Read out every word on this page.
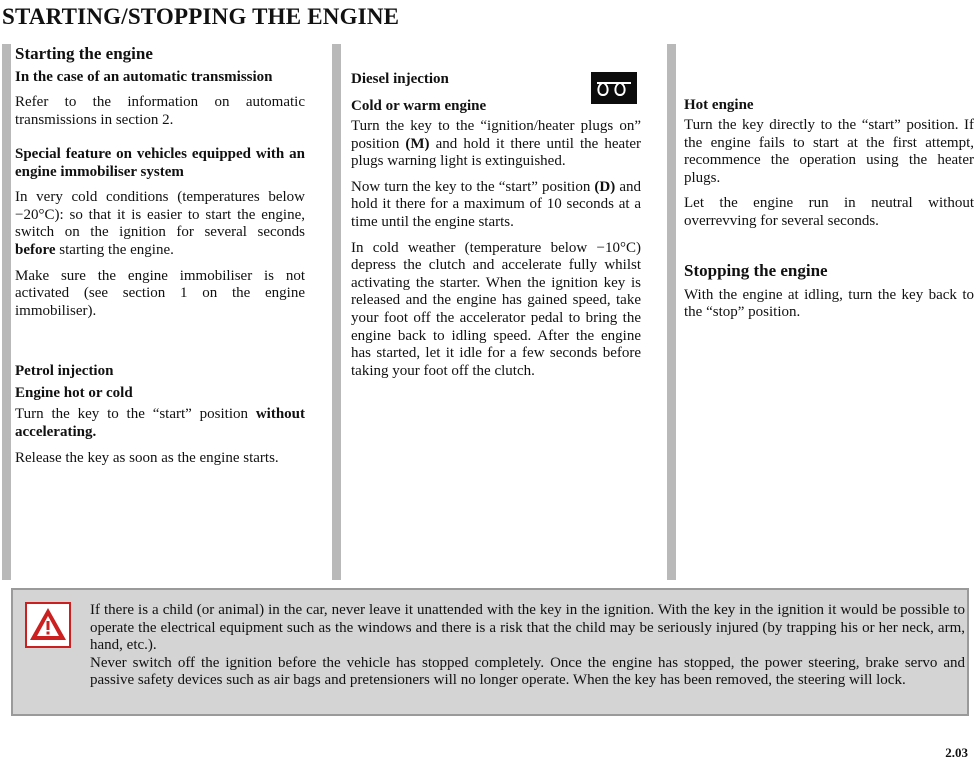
STARTING/STOPPING THE ENGINE
Starting the engine
In the case of an automatic transmission
Refer to the information on automatic transmissions in section 2.
Special feature on vehicles equipped with an engine immobiliser system
In very cold conditions (temperatures below −20°C): so that it is easier to start the engine, switch on the ignition for several seconds before starting the engine.
Make sure the engine immobiliser is not activated (see section 1 on the engine immobiliser).
Petrol injection
Engine hot or cold
Turn the key to the “start” position without accelerating.
Release the key as soon as the engine starts.
Diesel injection
Cold or warm engine
Turn the key to the “ignition/heater plugs on” position (M) and hold it there until the heater plugs warning light is extinguished.
Now turn the key to the “start” position (D) and hold it there for a maximum of 10 seconds at a time until the engine starts.
In cold weather (temperature below −10°C) depress the clutch and accelerate fully whilst activating the starter. When the ignition key is released and the engine has gained speed, take your foot off the accelerator pedal to bring the engine back to idling speed. After the engine has started, let it idle for a few seconds before taking your foot off the clutch.
Hot engine
Turn the key directly to the “start” position. If the engine fails to start at the first attempt, recommence the operation using the heater plugs.
Let the engine run in neutral without overrevving for several seconds.
Stopping the engine
With the engine at idling, turn the key back to the “stop” position.
If there is a child (or animal) in the car, never leave it unattended with the key in the ignition. With the key in the ignition it would be possible to operate the electrical equipment such as the windows and there is a risk that the child may be seriously injured (by trapping his or her neck, arm, hand, etc.).
Never switch off the ignition before the vehicle has stopped completely. Once the engine has stopped, the power steering, brake servo and passive safety devices such as air bags and pretensioners will no longer operate. When the key has been removed, the steering will lock.
2.03
